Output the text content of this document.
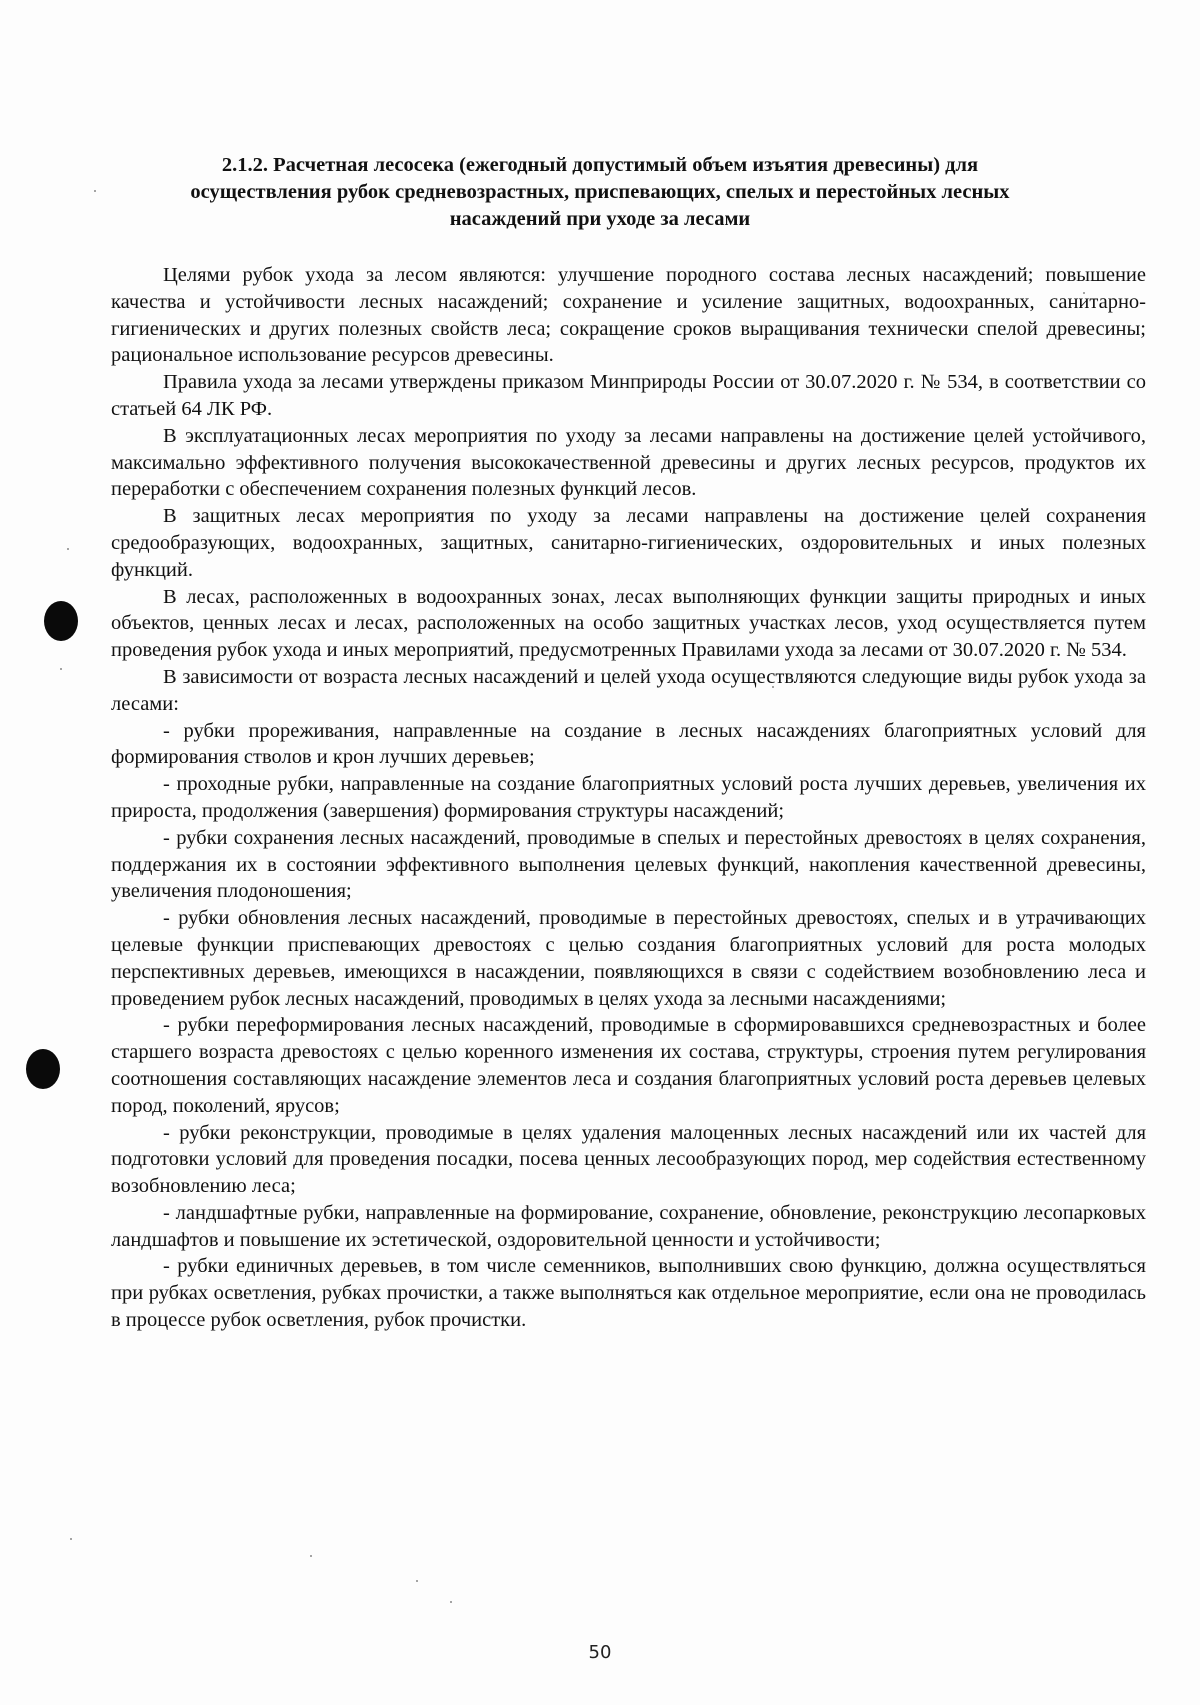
2.1.2. Расчетная лесосека (ежегодный допустимый объем изъятия древесины) для
осуществления рубок средневозрастных, приспевающих, спелых и перестойных лесных
насаждений при уходе за лесами

Целями рубок ухода за лесом являются: улучшение породного состава лесных насаждений; повышение качества и устойчивости лесных насаждений; сохранение и усиление защитных, водоохранных, санитарно-гигиенических и других полезных свойств леса; сокращение сроков выращивания технически спелой древесины; рациональное использование ресурсов древесины.

Правила ухода за лесами утверждены приказом Минприроды России от 30.07.2020 г. № 534, в соответствии со статьей 64 ЛК РФ.

В эксплуатационных лесах мероприятия по уходу за лесами направлены на достижение целей устойчивого, максимально эффективного получения высококачественной древесины и других лесных ресурсов, продуктов их переработки с обеспечением сохранения полезных функций лесов.

В защитных лесах мероприятия по уходу за лесами направлены на достижение целей сохранения средообразующих, водоохранных, защитных, санитарно-гигиенических, оздоровительных и иных полезных функций.

В лесах, расположенных в водоохранных зонах, лесах выполняющих функции защиты природных и иных объектов, ценных лесах и лесах, расположенных на особо защитных участках лесов, уход осуществляется путем проведения рубок ухода и иных мероприятий, предусмотренных Правилами ухода за лесами от 30.07.2020 г. № 534.

В зависимости от возраста лесных насаждений и целей ухода осуществляются следующие виды рубок ухода за лесами:

- рубки прореживания, направленные на создание в лесных насаждениях благоприятных условий для формирования стволов и крон лучших деревьев;

- проходные рубки, направленные на создание благоприятных условий роста лучших деревьев, увеличения их прироста, продолжения (завершения) формирования структуры насаждений;

- рубки сохранения лесных насаждений, проводимые в спелых и перестойных древостоях в целях сохранения, поддержания их в состоянии эффективного выполнения целевых функций, накопления качественной древесины, увеличения плодоношения;

- рубки обновления лесных насаждений, проводимые в перестойных древостоях, спелых и в утрачивающих целевые функции приспевающих древостоях с целью создания благоприятных условий для роста молодых перспективных деревьев, имеющихся в насаждении, появляющихся в связи с содействием возобновлению леса и проведением рубок лесных насаждений, проводимых в целях ухода за лесными насаждениями;

- рубки переформирования лесных насаждений, проводимые в сформировавшихся средневозрастных и более старшего возраста древостоях с целью коренного изменения их состава, структуры, строения путем регулирования соотношения составляющих насаждение элементов леса и создания благоприятных условий роста деревьев целевых пород, поколений, ярусов;

- рубки реконструкции, проводимые в целях удаления малоценных лесных насаждений или их частей для подготовки условий для проведения посадки, посева ценных лесообразующих пород, мер содействия естественному возобновлению леса;

- ландшафтные рубки, направленные на формирование, сохранение, обновление, реконструкцию лесопарковых ландшафтов и повышение их эстетической, оздоровительной ценности и устойчивости;

- рубки единичных деревьев, в том числе семенников, выполнивших свою функцию, должна осуществляться при рубках осветления, рубках прочистки, а также выполняться как отдельное мероприятие, если она не проводилась в процессе рубок осветления, рубок прочистки.

50
